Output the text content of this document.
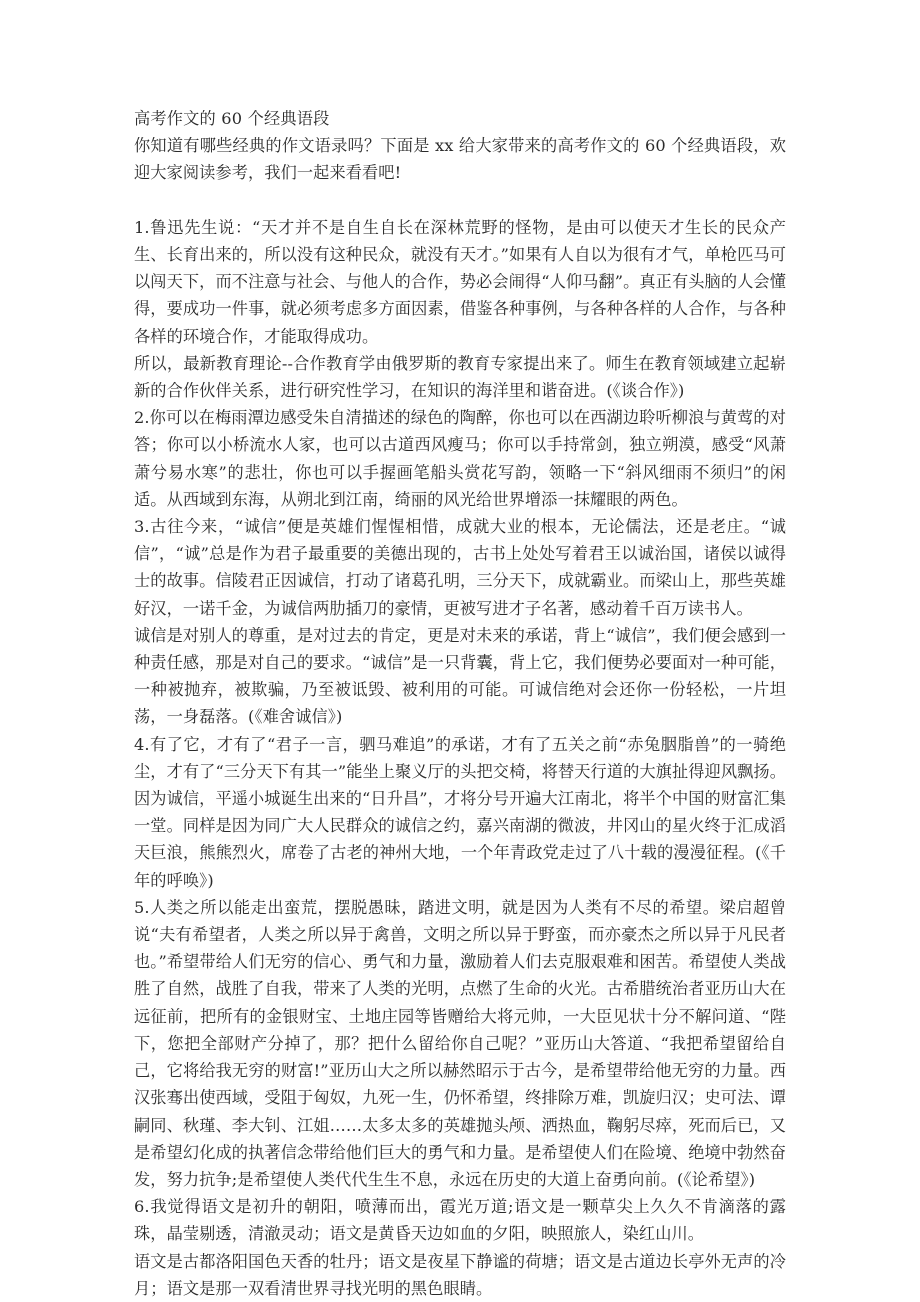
高考作文的 60 个经典语段

你知道有哪些经典的作文语录吗？下面是 xx 给大家带来的高考作文的 60 个经典语段，欢迎大家阅读参考，我们一起来看看吧!

1.鲁迅先生说：“天才并不是自生自长在深林荒野的怪物，是由可以使天才生长的民众产生、长育出来的，所以没有这种民众，就没有天才。”如果有人自以为很有才气，单枪匹马可以闯天下，而不注意与社会、与他人的合作，势必会闹得“人仰马翻”。真正有头脑的人会懂得，要成功一件事，就必须考虑多方面因素，借鉴各种事例，与各种各样的人合作，与各种各样的环境合作，才能取得成功。

所以，最新教育理论--合作教育学由俄罗斯的教育专家提出来了。师生在教育领域建立起崭新的合作伙伴关系，进行研究性学习，在知识的海洋里和谐奋进。(《谈合作》)

2.你可以在梅雨潭边感受朱自清描述的绿色的陶醉，你也可以在西湖边聆听柳浪与黄莺的对答；你可以小桥流水人家，也可以古道西风瘦马；你可以手持常剑，独立朔漠，感受“风萧萧兮易水寒”的悲壮，你也可以手握画笔船头赏花写韵，领略一下“斜风细雨不须归”的闲适。从西域到东海，从朔北到江南，绮丽的风光给世界增添一抹耀眼的两色。

3.古往今来，“诚信”便是英雄们惺惺相惜，成就大业的根本，无论儒法，还是老庄。“诚信”，“诚”总是作为君子最重要的美德出现的，古书上处处写着君王以诚治国，诸侯以诚得士的故事。信陵君正因诚信，打动了诸葛孔明，三分天下，成就霸业。而梁山上，那些英雄好汉，一诺千金，为诚信两肋插刀的豪情，更被写进才子名著，感动着千百万读书人。

诚信是对别人的尊重，是对过去的肯定，更是对未来的承诺，背上“诚信”，我们便会感到一种责任感，那是对自己的要求。“诚信”是一只背囊，背上它，我们便势必要面对一种可能，一种被抛弃，被欺骗，乃至被诋毁、被利用的可能。可诚信绝对会还你一份轻松，一片坦荡，一身磊落。(《难舍诚信》)

4.有了它，才有了“君子一言，驷马难追”的承诺，才有了五关之前“赤兔胭脂兽”的一骑绝尘，才有了“三分天下有其一”能坐上聚义厅的头把交椅，将替天行道的大旗扯得迎风飘扬。因为诚信，平遥小城诞生出来的“日升昌”，才将分号开遍大江南北，将半个中国的财富汇集一堂。同样是因为同广大人民群众的诚信之约，嘉兴南湖的微波，井冈山的星火终于汇成滔天巨浪，熊熊烈火，席卷了古老的神州大地，一个年青政党走过了八十载的漫漫征程。(《千年的呼唤》)

5.人类之所以能走出蛮荒，摆脱愚昧，踏进文明，就是因为人类有不尽的希望。梁启超曾说“夫有希望者，人类之所以异于禽兽，文明之所以异于野蛮，而亦豪杰之所以异于凡民者也。”希望带给人们无穷的信心、勇气和力量，激励着人们去克服艰难和困苦。希望使人类战胜了自然，战胜了自我，带来了人类的光明，点燃了生命的火光。古希腊统治者亚历山大在远征前，把所有的金银财宝、土地庄园等皆赠给大将元帅，一大臣见状十分不解问道、“陛下，您把全部财产分掉了，那？把什么留给你自己呢？”亚历山大答道、“我把希望留给自己，它将给我无穷的财富!”亚历山大之所以赫然昭示于古今，是希望带给他无穷的力量。西汉张骞出使西域，受阻于匈奴，九死一生，仍怀希望，终排除万难，凯旋归汉；史可法、谭嗣同、秋瑾、李大钊、江姐……太多太多的英雄抛头颅、洒热血，鞠躬尽瘁，死而后已，又是希望幻化成的执著信念带给他们巨大的勇气和力量。是希望使人们在险境、绝境中勃然奋发，努力抗争;是希望使人类代代生生不息，永远在历史的大道上奋勇向前。(《论希望》)

6.我觉得语文是初升的朝阳，喷薄而出，霞光万道;语文是一颗草尖上久久不肯滴落的露珠，晶莹剔透，清澈灵动；语文是黄昏天边如血的夕阳，映照旅人，染红山川。

语文是古都洛阳国色天香的牡丹；语文是夜星下静谧的荷塘；语文是古道边长亭外无声的冷月；语文是那一双看清世界寻找光明的黑色眼睛。
